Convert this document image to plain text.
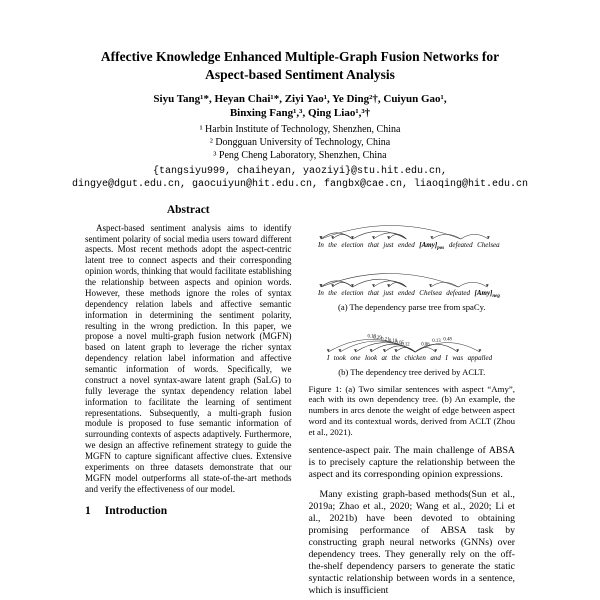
Affective Knowledge Enhanced Multiple-Graph Fusion Networks for
Aspect-based Sentiment Analysis
Siyu Tang¹*, Heyan Chai¹*, Ziyi Yao¹, Ye Ding²†, Cuiyun Gao¹,
Binxing Fang¹,³, Qing Liao¹,³†
¹ Harbin Institute of Technology, Shenzhen, China
² Dongguan University of Technology, China
³ Peng Cheng Laboratory, Shenzhen, China
{tangsiyu999, chaiheyan, yaoziyi}@stu.hit.edu.cn,
dingye@dgut.edu.cn, gaocuiyun@hit.edu.cn, fangbx@cae.cn, liaoqing@hit.edu.cn
Abstract

Aspect-based sentiment analysis aims to identify sentiment polarity of social media users toward different aspects. Most recent methods adopt the aspect-centric latent tree to connect aspects and their corresponding opinion words, thinking that would facilitate establishing the relationship between aspects and opinion words. However, these methods ignore the roles of syntax dependency relation labels and affective semantic information in determining the sentiment polarity, resulting in the wrong prediction. In this paper, we propose a novel multi-graph fusion network (MGFN) based on latent graph to leverage the richer syntax dependency relation label information and affective semantic information of words. Specifically, we construct a novel syntax-aware latent graph (SaLG) to fully leverage the syntax dependency relation label information to facilitate the learning of sentiment representations. Subsequently, a multi-graph fusion module is proposed to fuse semantic information of surrounding contexts of aspects adaptively. Furthermore, we design an affective refinement strategy to guide the MGFN to capture significant affective clues. Extensive experiments on three datasets demonstrate that our MGFN model outperforms all state-of-the-art methods and verify the effectiveness of our model.

1 Introduction
In the election that just ended $[Amy]_{pos}$ defeated Chelsea
In the election that just ended Chelsea defeated $[Amy]_{neg}$
(a) The dependency parse tree from spaCy.
I took one look at the chicken and I was appalled
0.10
0.29 0.21 0.10
0.05
0.12 0.06
0.13 0.48
(b) The dependency tree derived by ACLT.
Figure 1: (a) Two similar sentences with aspect “Amy”, each with its own dependency tree. (b) An example, the numbers in arcs denote the weight of edge between aspect word and its contextual words, derived from ACLT (Zhou et al., 2021).

sentence-aspect pair. The main challenge of ABSA is to precisely capture the relationship between the aspect and its corresponding opinion expressions.

Many existing graph-based methods(Sun et al., 2019a; Zhao et al., 2020; Wang et al., 2020; Li et al., 2021b) have been devoted to obtaining promising performance of ABSA task by constructing graph neural networks (GNNs) over dependency trees. They generally rely on the off-the-shelf dependency parsers to generate the static syntactic relationship between words in a sentence, which is insufficient
